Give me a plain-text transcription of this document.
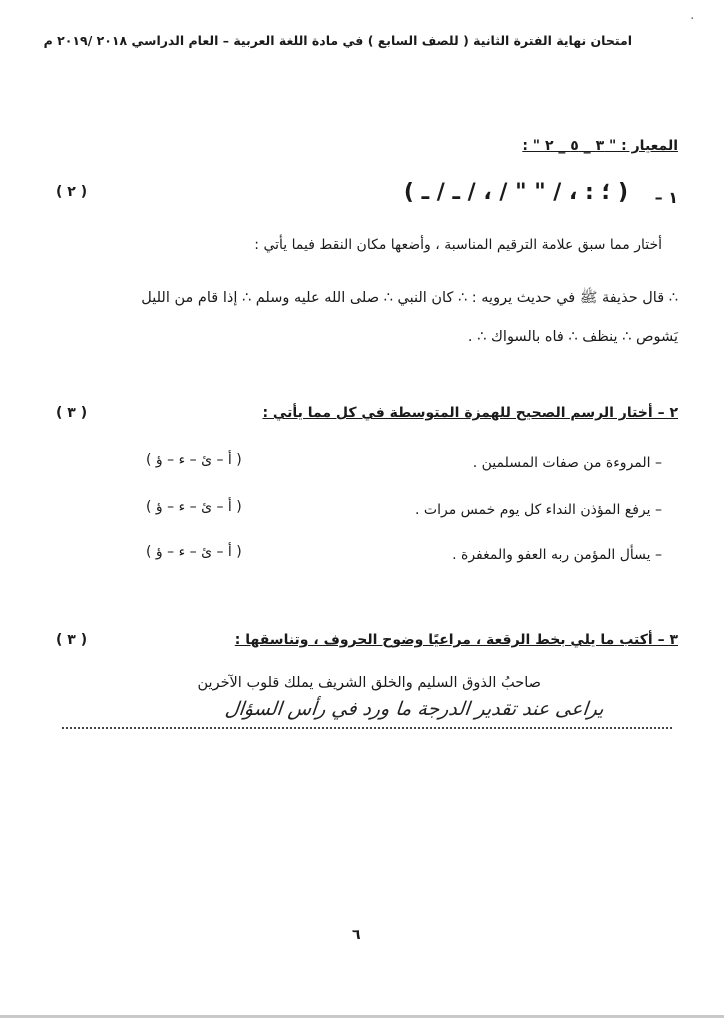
٠
امتحان نهاية الفترة الثانية ( للصف السابع ) في مادة اللغة العربية – العام الدراسي ٢٠١٨ /٢٠١٩ م
المعيار : " ٣ _ ٥ _ ٢ " :
١ –
( ؛ : ، / " " / ، / ـ / ـ )
( ٢ )
أختار مما سبق علامة الترقيم المناسبة ، وأضعها مكان النقط فيما يأتي :
∴ قال حذيفة ﷺ في حديث يرويه : ∴ كان النبي ∴ صلى الله عليه وسلم ∴ إذا قام من الليل
يَشوص ∴ ينظف ∴ فاه بالسواك ∴ .
٢ – أختار الرسم الصحيح للهمزة المتوسطة في كل مما يأتي :
( ٣ )
– المروءة من صفات المسلمين .
( أ – ئ – ء – ؤ )
– يرفع المؤذن النداء كل يوم خمس مرات .
( أ – ئ – ء – ؤ )
– يسأل المؤمن ربه العفو والمغفرة .
( أ – ئ – ء – ؤ )
٣ – أكتب ما يلي بخط الرقعة ، مراعيًا وضوح الحروف ، وتناسقها :
( ٣ )
صاحبُ الذوق السليم والخلق الشريف يملك قلوب الآخرين
يراعى عند تقدير الدرجة ما ورد في رأس السؤال
٦
